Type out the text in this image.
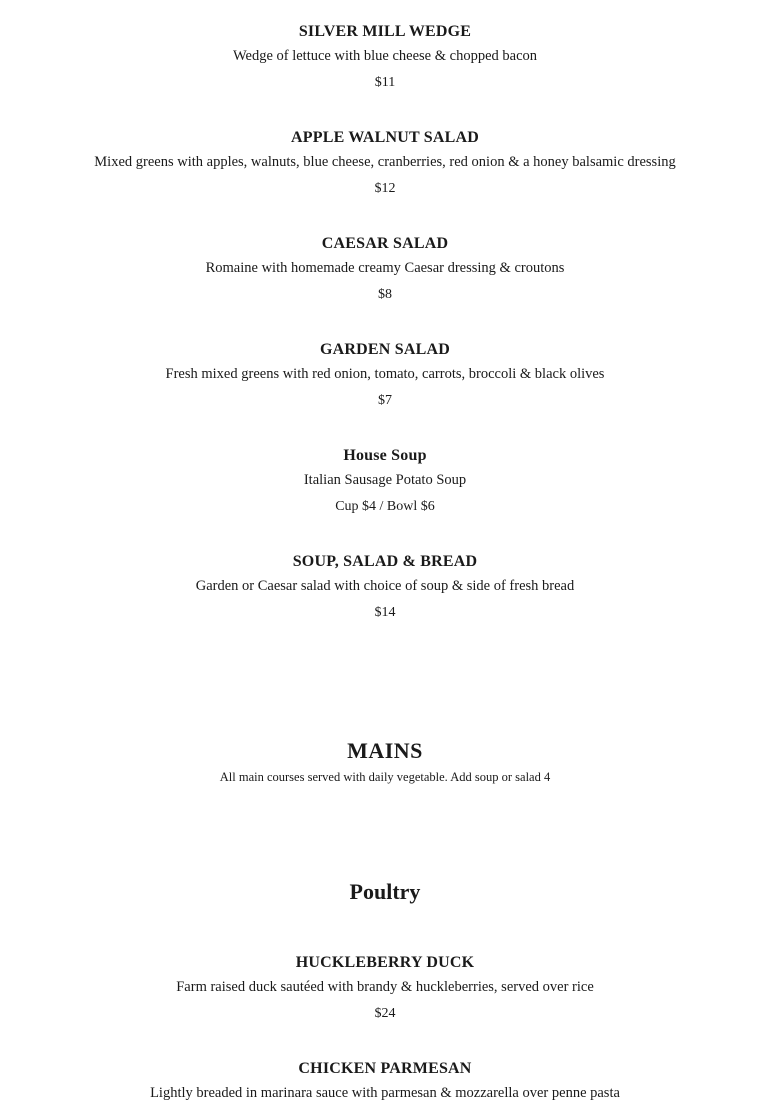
SILVER MILL WEDGE

Wedge of lettuce with blue cheese & chopped bacon

$11

APPLE WALNUT SALAD

Mixed greens with apples, walnuts, blue cheese, cranberries, red onion & a honey balsamic dressing

$12

CAESAR SALAD

Romaine with homemade creamy Caesar dressing & croutons

$8

GARDEN SALAD

Fresh mixed greens with red onion, tomato, carrots, broccoli & black olives

$7

House Soup

Italian Sausage Potato Soup

Cup $4 / Bowl $6

SOUP, SALAD & BREAD

Garden or Caesar salad with choice of soup & side of fresh bread

$14

MAINS

All main courses served with daily vegetable. Add soup or salad 4

Poultry

HUCKLEBERRY DUCK

Farm raised duck sautéed with brandy & huckleberries, served over rice

$24

CHICKEN PARMESAN

Lightly breaded in marinara sauce with parmesan & mozzarella over penne pasta
